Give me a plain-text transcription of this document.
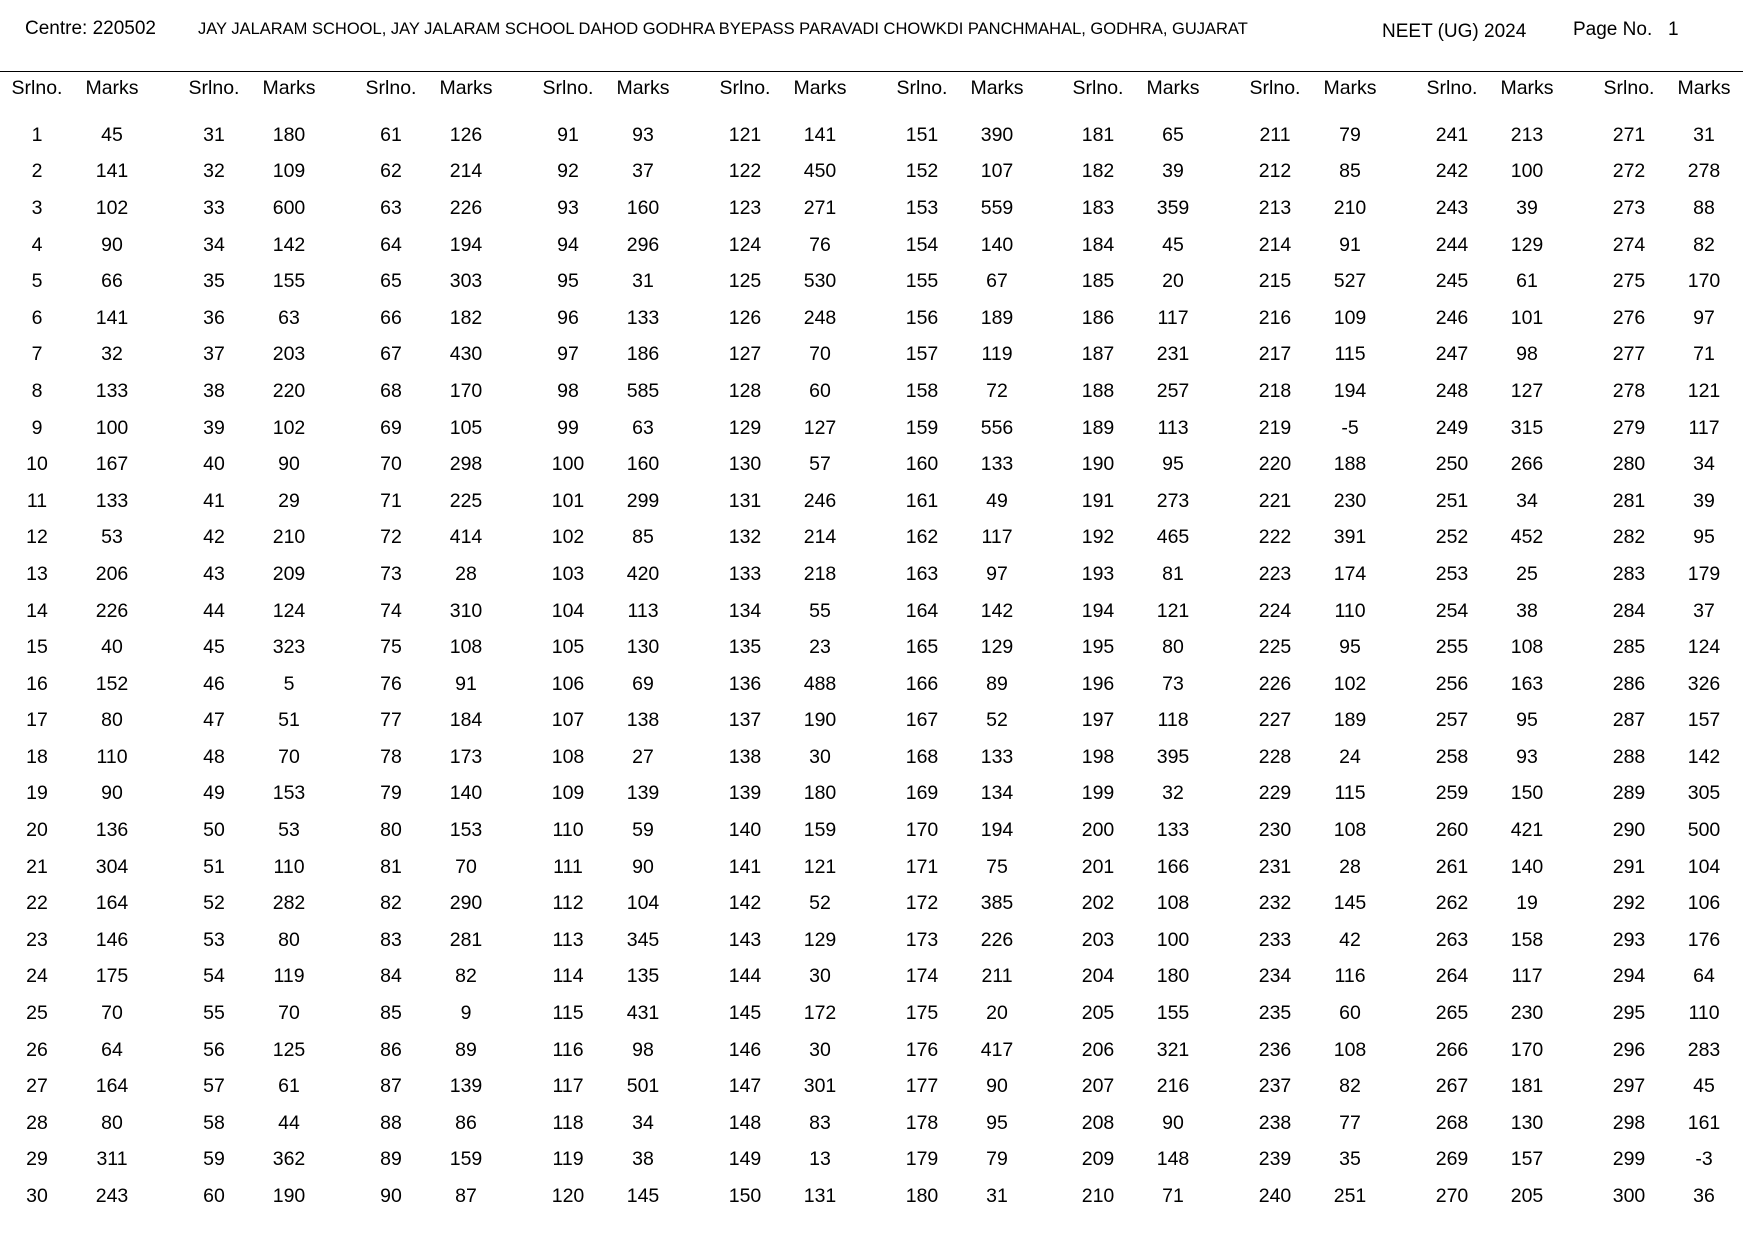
Centre: 220502	JAY JALARAM SCHOOL, JAY JALARAM SCHOOL DAHOD GODHRA BYEPASS PARAVADI CHOWKDI PANCHMAHAL, GODHRA, GUJARAT	NEET (UG) 2024 Page No.   1
Srlno.	Marks
1	45
2	141
3	102
4	90
5	66
6	141
7	32
8	133
9	100
10	167
11	133
12	53
13	206
14	226
15	40
16	152
17	80
18	110
19	90
20	136
21	304
22	164
23	146
24	175
25	70
26	64
27	164
28	80
29	311
30	243
Srlno.	Marks
31	180
32	109
33	600
34	142
35	155
36	63
37	203
38	220
39	102
40	90
41	29
42	210
43	209
44	124
45	323
46	5
47	51
48	70
49	153
50	53
51	110
52	282
53	80
54	119
55	70
56	125
57	61
58	44
59	362
60	190
Srlno.	Marks
61	126
62	214
63	226
64	194
65	303
66	182
67	430
68	170
69	105
70	298
71	225
72	414
73	28
74	310
75	108
76	91
77	184
78	173
79	140
80	153
81	70
82	290
83	281
84	82
85	9
86	89
87	139
88	86
89	159
90	87
Srlno.	Marks
91	93
92	37
93	160
94	296
95	31
96	133
97	186
98	585
99	63
100	160
101	299
102	85
103	420
104	113
105	130
106	69
107	138
108	27
109	139
110	59
111	90
112	104
113	345
114	135
115	431
116	98
117	501
118	34
119	38
120	145
Srlno.	Marks
121	141
122	450
123	271
124	76
125	530
126	248
127	70
128	60
129	127
130	57
131	246
132	214
133	218
134	55
135	23
136	488
137	190
138	30
139	180
140	159
141	121
142	52
143	129
144	30
145	172
146	30
147	301
148	83
149	13
150	131
Srlno.	Marks
151	390
152	107
153	559
154	140
155	67
156	189
157	119
158	72
159	556
160	133
161	49
162	117
163	97
164	142
165	129
166	89
167	52
168	133
169	134
170	194
171	75
172	385
173	226
174	211
175	20
176	417
177	90
178	95
179	79
180	31
Srlno.	Marks
181	65
182	39
183	359
184	45
185	20
186	117
187	231
188	257
189	113
190	95
191	273
192	465
193	81
194	121
195	80
196	73
197	118
198	395
199	32
200	133
201	166
202	108
203	100
204	180
205	155
206	321
207	216
208	90
209	148
210	71
Srlno.	Marks
211	79
212	85
213	210
214	91
215	527
216	109
217	115
218	194
219	-5
220	188
221	230
222	391
223	174
224	110
225	95
226	102
227	189
228	24
229	115
230	108
231	28
232	145
233	42
234	116
235	60
236	108
237	82
238	77
239	35
240	251
Srlno.	Marks
241	213
242	100
243	39
244	129
245	61
246	101
247	98
248	127
249	315
250	266
251	34
252	452
253	25
254	38
255	108
256	163
257	95
258	93
259	150
260	421
261	140
262	19
263	158
264	117
265	230
266	170
267	181
268	130
269	157
270	205
Srlno.	Marks
271	31
272	278
273	88
274	82
275	170
276	97
277	71
278	121
279	117
280	34
281	39
282	95
283	179
284	37
285	124
286	326
287	157
288	142
289	305
290	500
291	104
292	106
293	176
294	64
295	110
296	283
297	45
298	161
299	-3
300	36
